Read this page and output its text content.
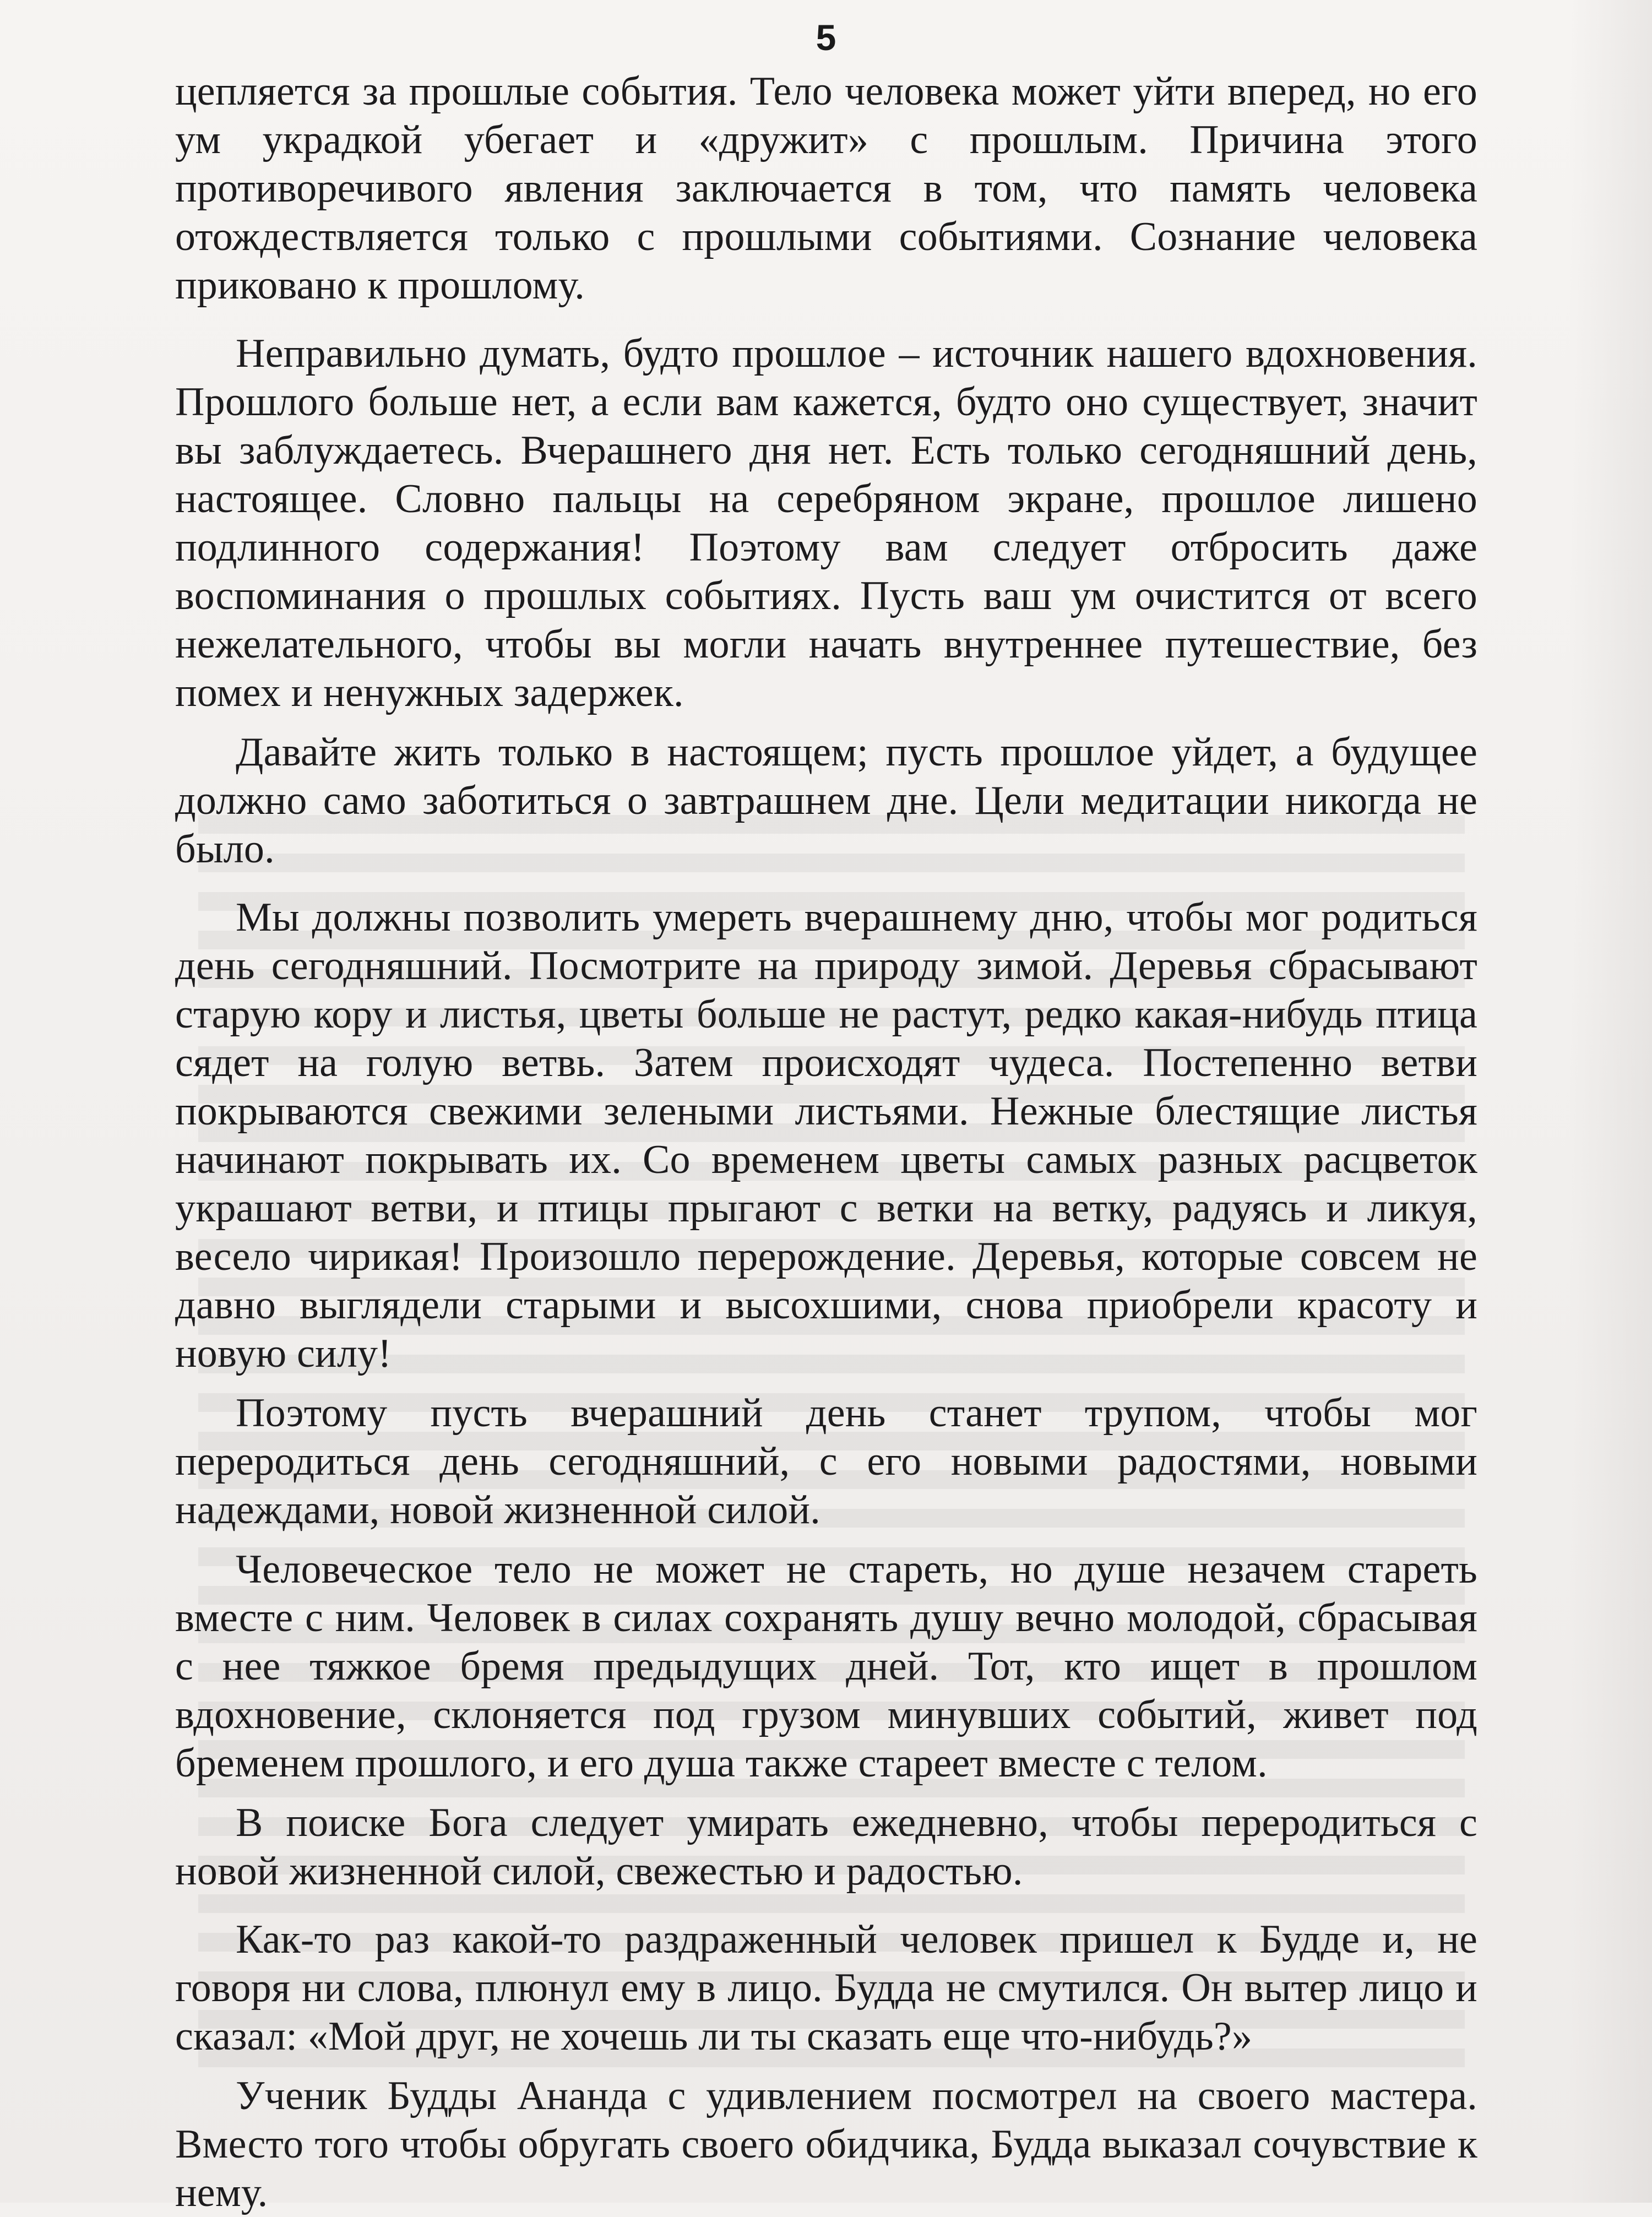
5

цепляется за прошлые события. Тело человека может уйти вперед, но его ум украдкой убегает и «дружит» с прошлым. Причина этого противоречивого явления заключается в том, что память человека отождествляется только с прошлыми событиями. Сознание человека приковано к прошлому.

Неправильно думать, будто прошлое – источник нашего вдохновения. Прошлого больше нет, а если вам кажется, будто оно существует, значит вы заблуждаетесь. Вчерашнего дня нет. Есть только сегодняшний день, настоящее. Словно пальцы на серебряном экране, прошлое лишено подлинного содержания! Поэтому вам следует отбросить даже воспоминания о прошлых событиях. Пусть ваш ум очистится от всего нежелательного, чтобы вы могли начать внутреннее путешествие, без помех и ненужных задержек.

Давайте жить только в настоящем; пусть прошлое уйдет, а будущее должно само заботиться о завтрашнем дне. Цели медитации никогда не было.

Мы должны позволить умереть вчерашнему дню, чтобы мог родиться день сегодняшний. Посмотрите на природу зимой. Деревья сбрасывают старую кору и листья, цветы больше не растут, редко какая-нибудь птица сядет на голую ветвь. Затем происходят чудеса. Постепенно ветви покрываются свежими зелеными листьями. Нежные блестящие листья начинают покрывать их. Со временем цветы самых разных расцветок украшают ветви, и птицы прыгают с ветки на ветку, радуясь и ликуя, весело чирикая! Произошло перерождение. Деревья, которые совсем не давно выглядели старыми и высохшими, снова приобрели красоту и новую силу!

Поэтому пусть вчерашний день станет трупом, чтобы мог переродиться день сегодняшний, с его новыми радостями, новыми надеждами, новой жизненной силой.

Человеческое тело не может не стареть, но душе незачем стареть вместе с ним. Человек в силах сохранять душу вечно молодой, сбрасывая с нее тяжкое бремя предыдущих дней. Тот, кто ищет в прошлом вдохновение, склоняется под грузом минувших событий, живет под бременем прошлого, и его душа также стареет вместе с телом.

В поиске Бога следует умирать ежедневно, чтобы переродиться с новой жизненной силой, свежестью и радостью.

Как-то раз какой-то раздраженный человек пришел к Будде и, не говоря ни слова, плюнул ему в лицо. Будда не смутился. Он вытер лицо и сказал: «Мой друг, не хочешь ли ты сказать еще что-нибудь?»

Ученик Будды Ананда с удивлением посмотрел на своего мастера. Вместо того чтобы обругать своего обидчика, Будда выказал сочувствие к нему.
